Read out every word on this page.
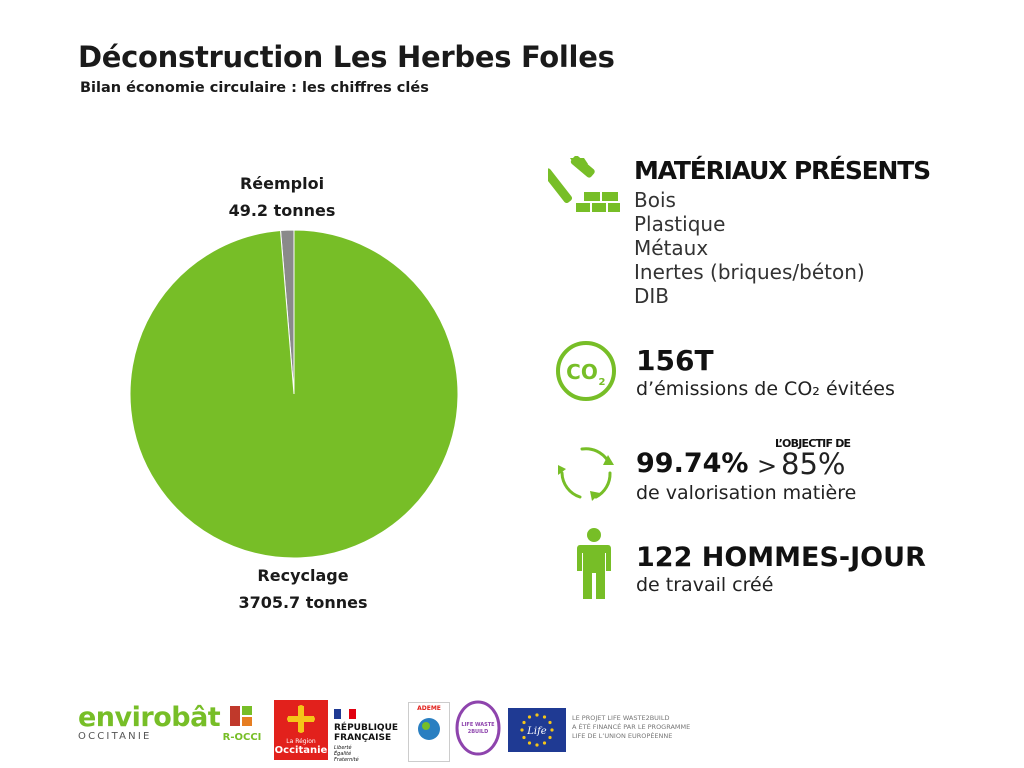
Déconstruction Les Herbes Folles
Bilan économie circulaire : les chiffres clés
Réemploi
49.2 tonnes
Recyclage
3705.7 tonnes
MATÉRIAUX PRÉSENTS
Bois
Plastique
Métaux
Inertes (briques/béton)
DIB
CO 2
156T
d’émissions de CO₂ évitées
99.74% >
L’OBJECTIF DE
85%
de valorisation matière
122 HOMMES-JOUR
de travail créé
envirobât
OCCITANIE	R-OCCI	La Région
Occitanie
RÉPUBLIQUE
FRANÇAISE
Liberté
Égalité
Fraternité
ADEME
LIFE WASTE 2BUILD	Life
LE PROJET LIFE WASTE2BUILD
A ÉTÉ FINANCÉ PAR LE PROGRAMME
LIFE DE L’UNION EUROPÉENNE
